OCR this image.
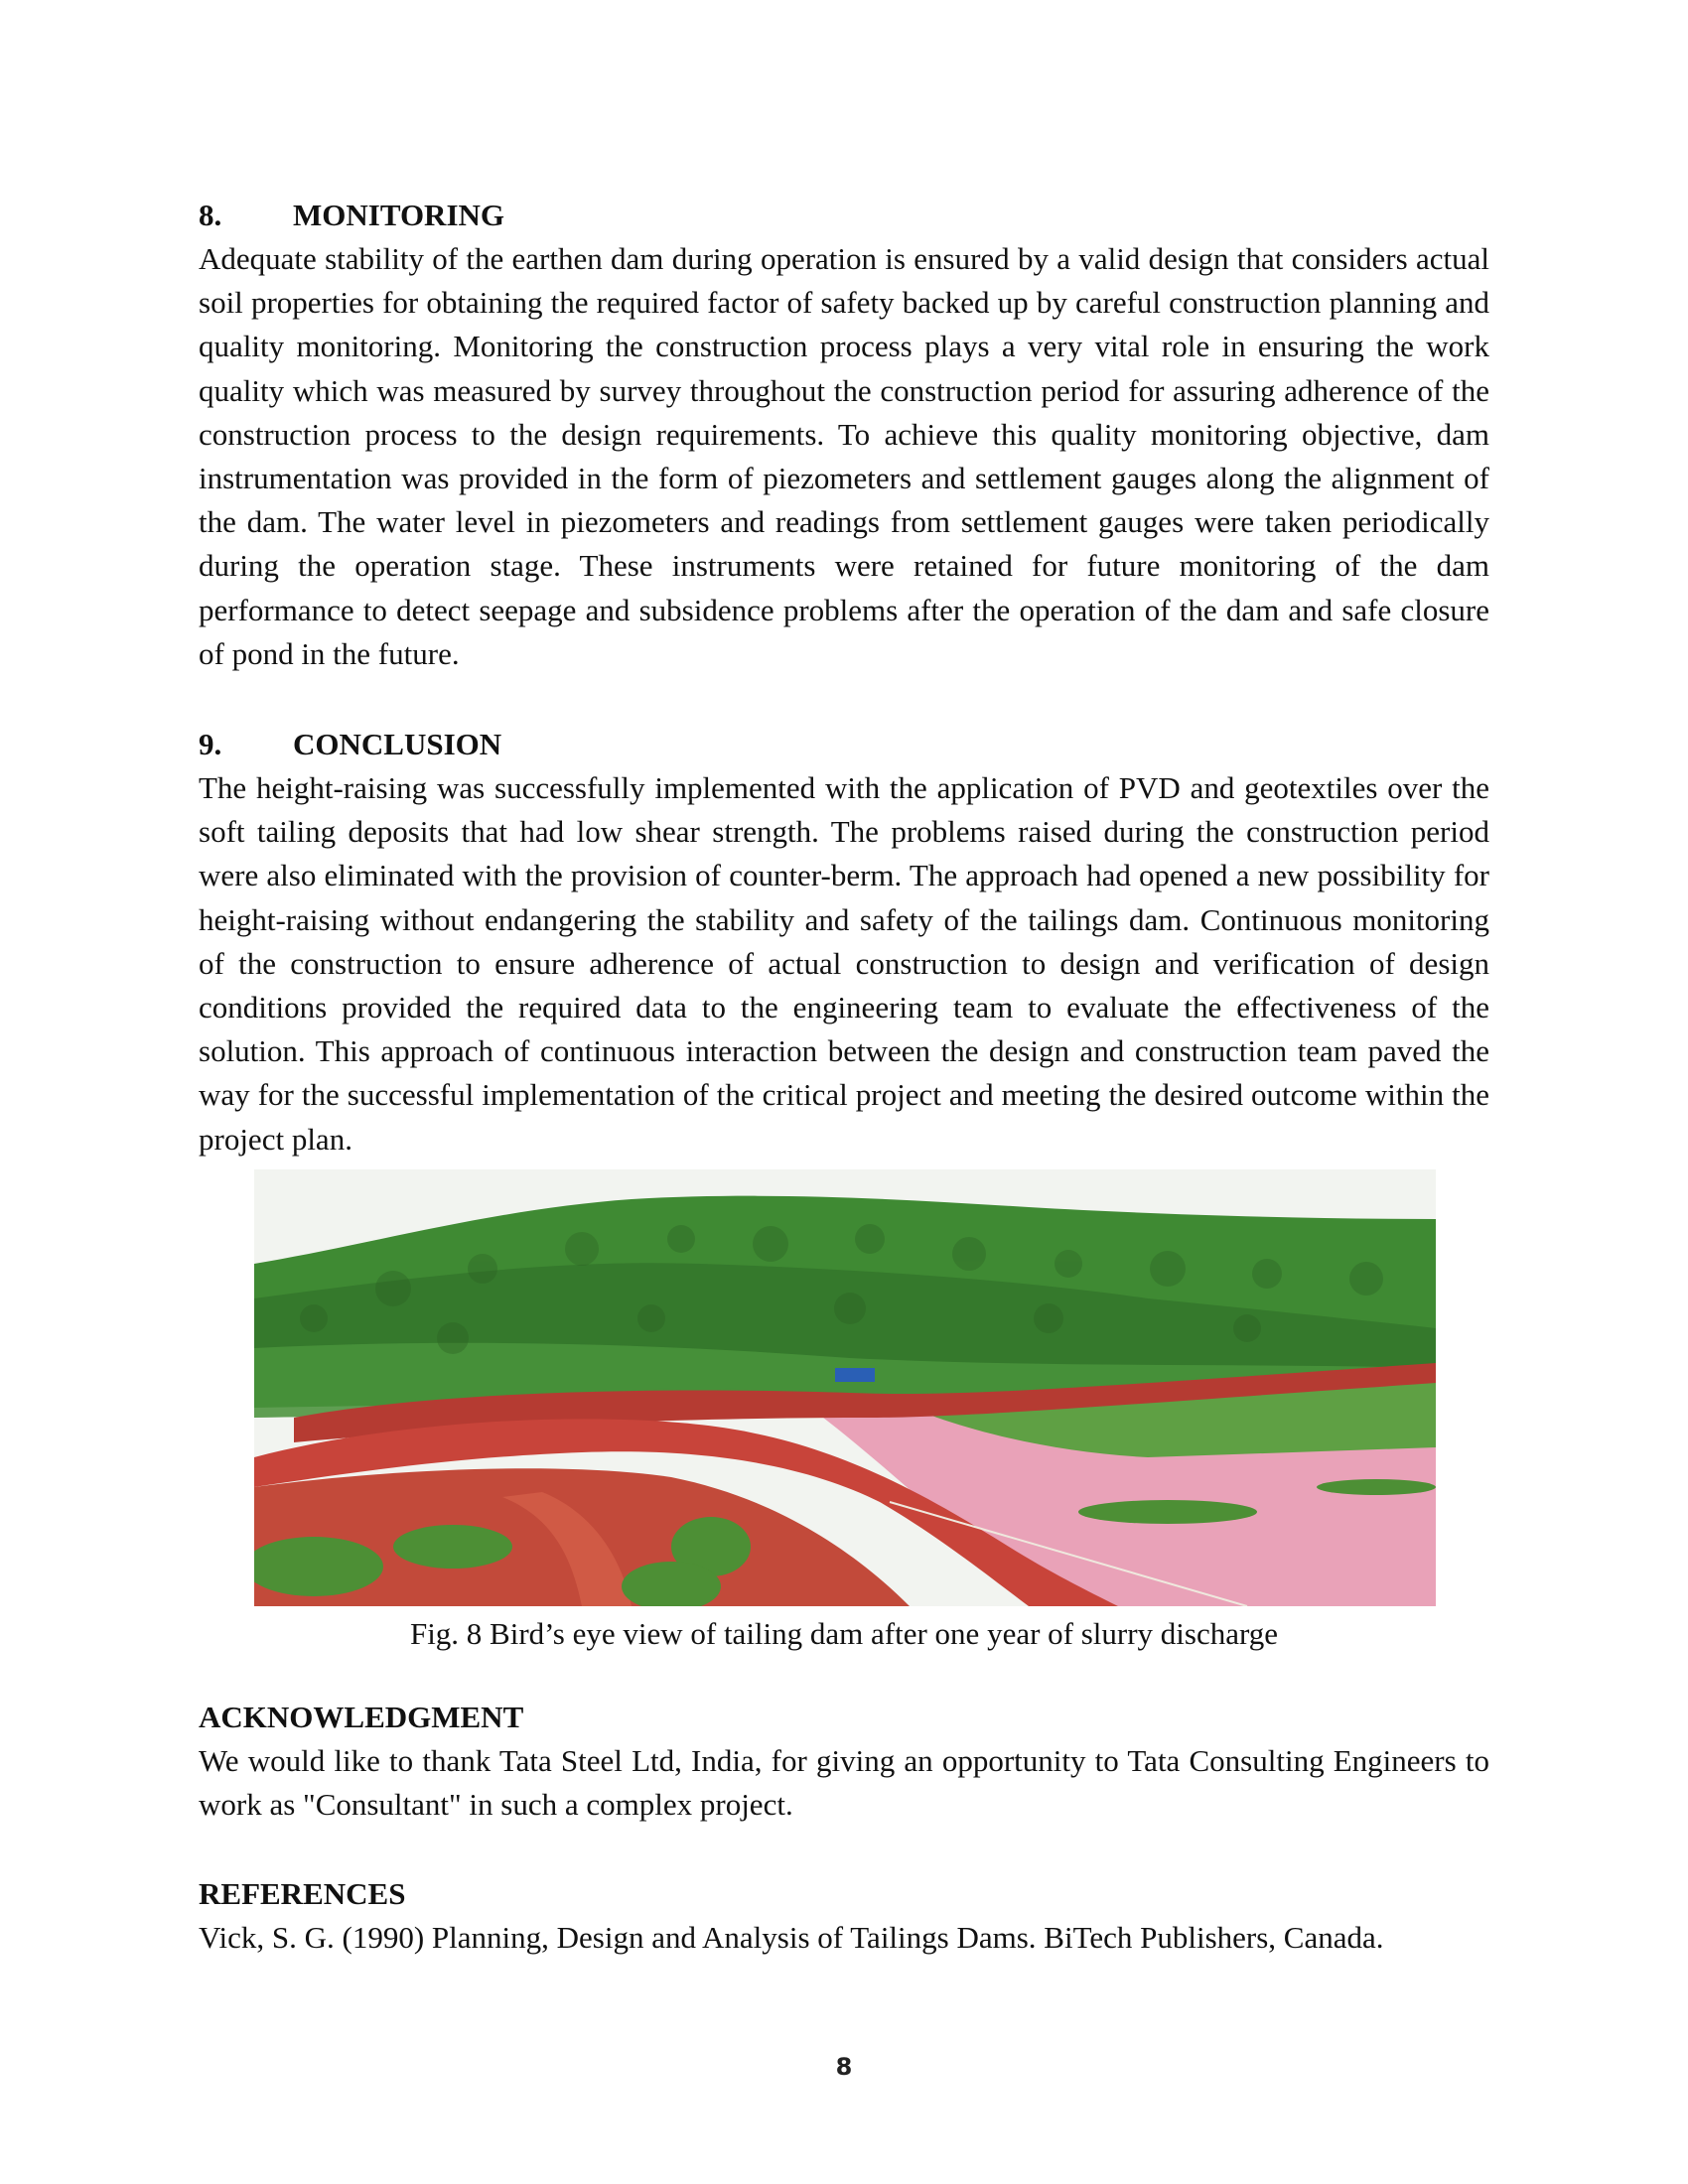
8.	MONITORING

Adequate stability of the earthen dam during operation is ensured by a valid design that considers actual soil properties for obtaining the required factor of safety backed up by careful construction planning and quality monitoring. Monitoring the construction process plays a very vital role in ensuring the work quality which was measured by survey throughout the construction period for assuring adherence of the construction process to the design requirements. To achieve this quality monitoring objective, dam instrumentation was provided in the form of piezometers and settlement gauges along the alignment of the dam. The water level in piezometers and readings from settlement gauges were taken periodically during the operation stage. These instruments were retained for future monitoring of the dam performance to detect seepage and subsidence problems after the operation of the dam and safe closure of pond in the future.

9.	CONCLUSION

The height-raising was successfully implemented with the application of PVD and geotextiles over the soft tailing deposits that had low shear strength. The problems raised during the construction period were also eliminated with the provision of counter-berm. The approach had opened a new possibility for height-raising without endangering the stability and safety of the tailings dam. Continuous monitoring of the construction to ensure adherence of actual construction to design and verification of design conditions provided the required data to the engineering team to evaluate the effectiveness of the solution. This approach of continuous interaction between the design and construction team paved the way for the successful implementation of the critical project and meeting the desired outcome within the project plan.

Fig. 8 Bird’s eye view of tailing dam after one year of slurry discharge

ACKNOWLEDGMENT

We would like to thank Tata Steel Ltd, India, for giving an opportunity to Tata Consulting Engineers to work as "Consultant" in such a complex project.

REFERENCES

Vick, S. G. (1990) Planning, Design and Analysis of Tailings Dams. BiTech Publishers, Canada.

8
